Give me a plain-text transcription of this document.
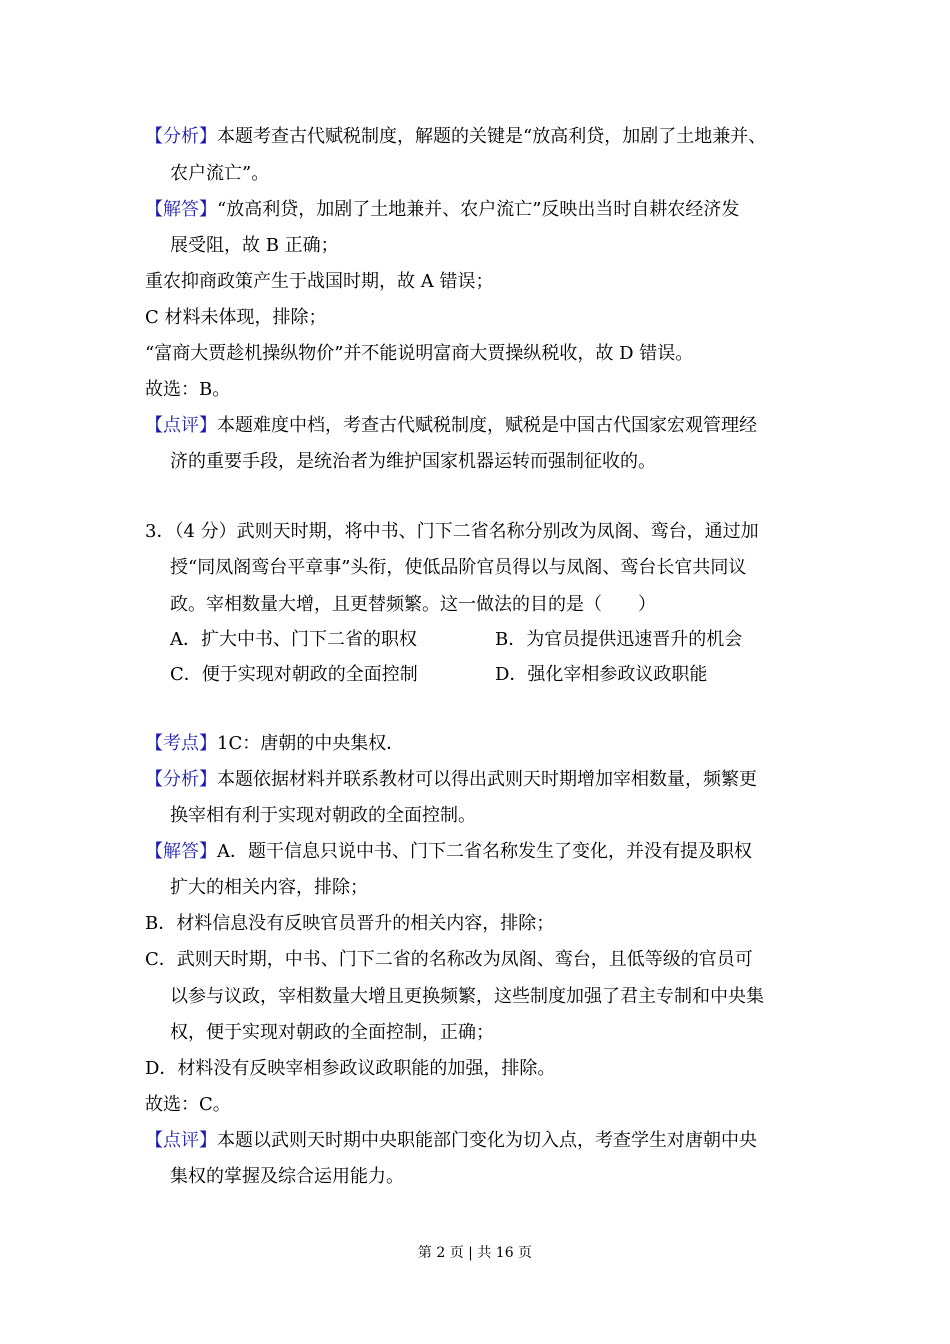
【分析】本题考查古代赋税制度，解题的关键是“放高利贷，加剧了土地兼并、
农户流亡”。
【解答】“放高利贷，加剧了土地兼并、农户流亡”反映出当时自耕农经济发
展受阻，故 B 正确；
重农抑商政策产生于战国时期，故 A 错误；
C 材料未体现，排除；
“富商大贾趁机操纵物价”并不能说明富商大贾操纵税收，故 D 错误。
故选：B。
【点评】本题难度中档，考查古代赋税制度，赋税是中国古代国家宏观管理经
济的重要手段，是统治者为维护国家机器运转而强制征收的。
3．（4 分）武则天时期，将中书、门下二省名称分别改为凤阁、鸾台，通过加
授“同凤阁鸾台平章事”头衔，使低品阶官员得以与凤阁、鸾台长官共同议
政。宰相数量大增，且更替频繁。这一做法的目的是（　　）
A．扩大中书、门下二省的职权	B．为官员提供迅速晋升的机会
C．便于实现对朝政的全面控制	D．强化宰相参政议政职能
【考点】1C：唐朝的中央集权．
【分析】本题依据材料并联系教材可以得出武则天时期增加宰相数量，频繁更
换宰相有利于实现对朝政的全面控制。
【解答】A．题干信息只说中书、门下二省名称发生了变化，并没有提及职权
扩大的相关内容，排除；
B．材料信息没有反映官员晋升的相关内容，排除；
C．武则天时期，中书、门下二省的名称改为凤阁、鸾台，且低等级的官员可
以参与议政，宰相数量大增且更换频繁，这些制度加强了君主专制和中央集
权，便于实现对朝政的全面控制，正确；
D．材料没有反映宰相参政议政职能的加强，排除。
故选：C。
【点评】本题以武则天时期中央职能部门变化为切入点，考查学生对唐朝中央
集权的掌握及综合运用能力。
第 2 页 | 共 16 页
